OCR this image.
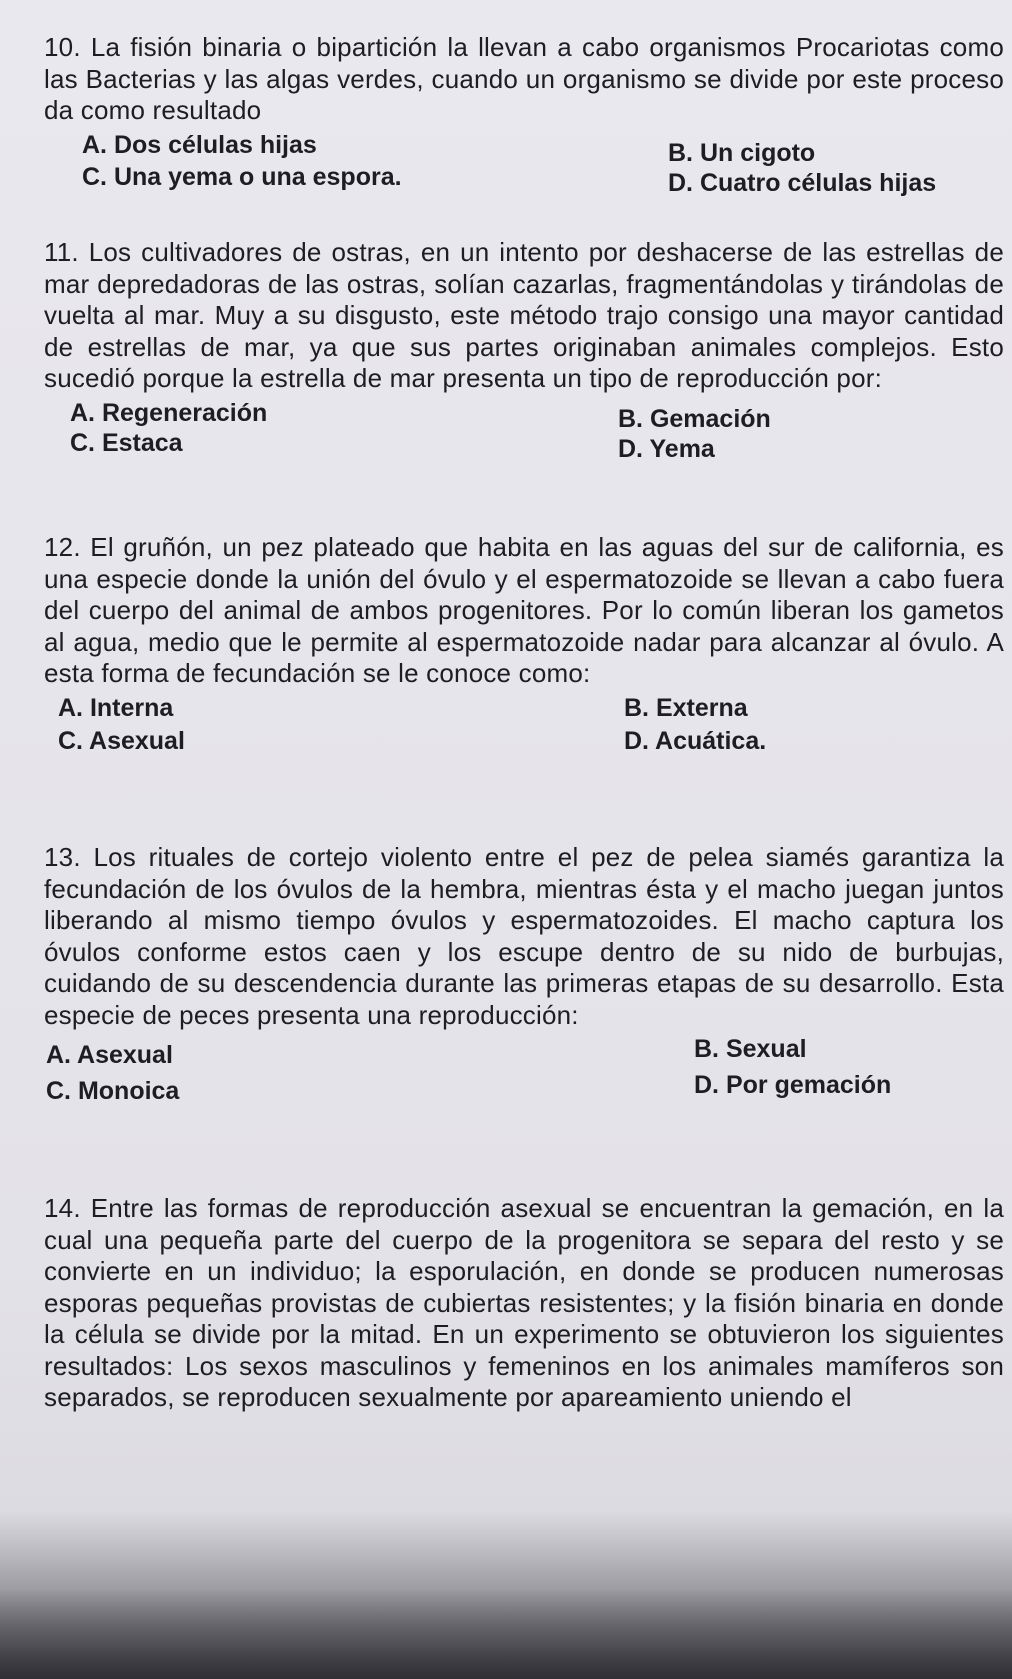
10. La fisión binaria o bipartición la llevan a cabo organismos Procariotas como las Bacterias y las algas verdes, cuando un organismo se divide por este proceso da como resultado

A. Dos células hijas	B. Un cigoto
C. Una yema o una espora.	D. Cuatro células hijas

11. Los cultivadores de ostras, en un intento por deshacerse de las estrellas de mar depredadoras de las ostras, solían cazarlas, fragmentándolas y tirándolas de vuelta al mar. Muy a su disgusto, este método trajo consigo una mayor cantidad de estrellas de mar, ya que sus partes originaban animales complejos. Esto sucedió porque la estrella de mar presenta un tipo de reproducción por:

A. Regeneración	B. Gemación
C. Estaca	D. Yema

12. El gruñón, un pez plateado que habita en las aguas del sur de california, es una especie donde la unión del óvulo y el espermatozoide se llevan a cabo fuera del cuerpo del animal de ambos progenitores. Por lo común liberan los gametos al agua, medio que le permite al espermatozoide nadar para alcanzar al óvulo. A esta forma de fecundación se le conoce como:

A. Interna	B. Externa
C. Asexual	D. Acuática.

13. Los rituales de cortejo violento entre el pez de pelea siamés garantiza la fecundación de los óvulos de la hembra, mientras ésta y el macho juegan juntos liberando al mismo tiempo óvulos y espermatozoides. El macho captura los óvulos conforme estos caen y los escupe dentro de su nido de burbujas, cuidando de su descendencia durante las primeras etapas de su desarrollo. Esta especie de peces presenta una reproducción:

A. Asexual	B. Sexual
C. Monoica	D. Por gemación

14. Entre las formas de reproducción asexual se encuentran la gemación, en la cual una pequeña parte del cuerpo de la progenitora se separa del resto y se convierte en un individuo; la esporulación, en donde se producen numerosas esporas pequeñas provistas de cubiertas resistentes; y la fisión binaria en donde la célula se divide por la mitad. En un experimento se obtuvieron los siguientes resultados: Los sexos masculinos y femeninos en los animales mamíferos son separados, se reproducen sexualmente por apareamiento uniendo el
